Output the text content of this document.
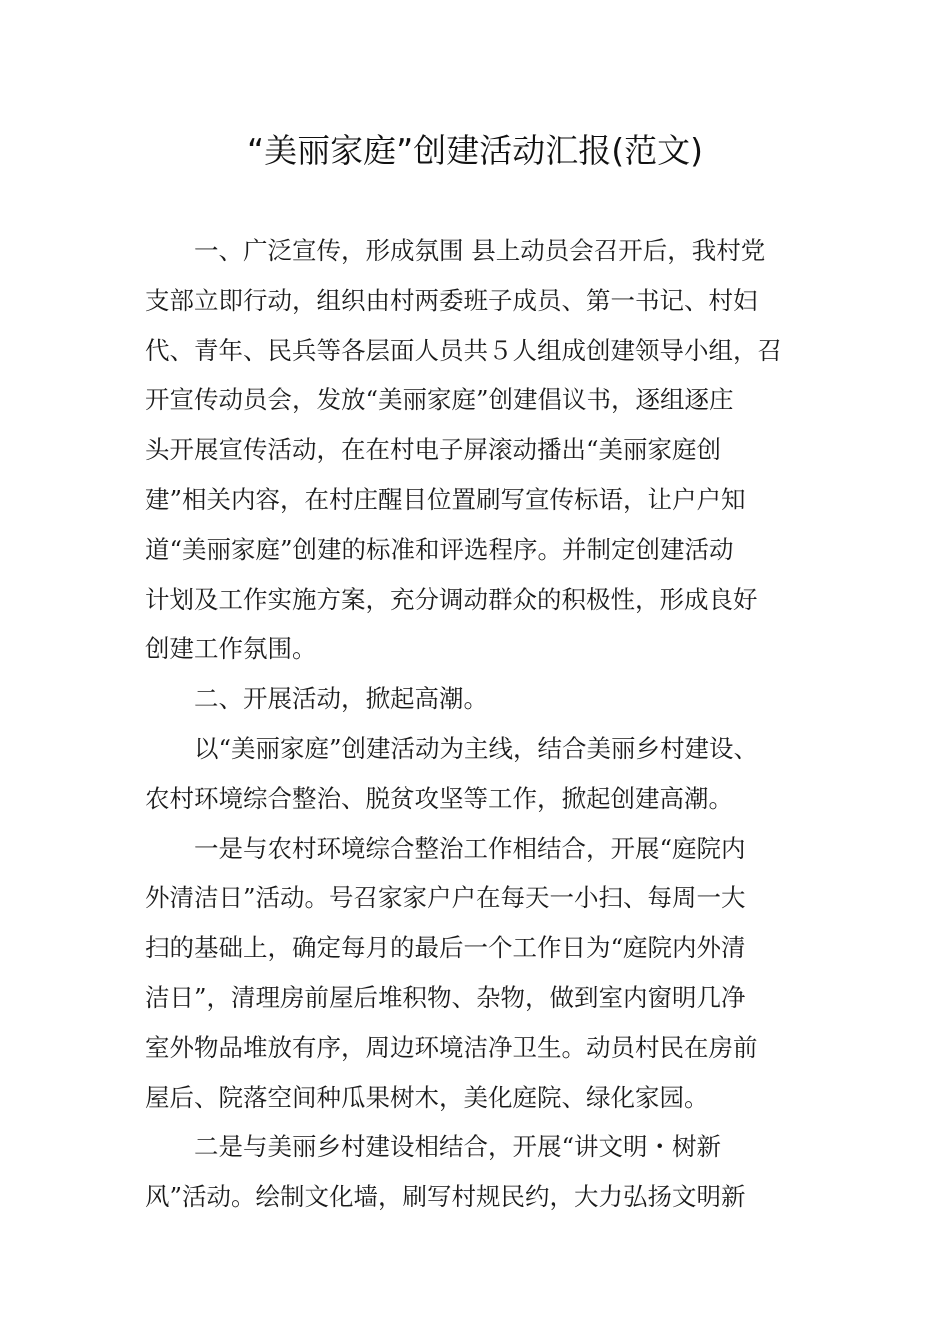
“美丽家庭”创建活动汇报(范文)
一、广泛宣传，形成氛围 县上动员会召开后，我村党
支部立即行动，组织由村两委班子成员、第一书记、村妇
代、青年、民兵等各层面人员共５人组成创建领导小组，召
开宣传动员会，发放“美丽家庭”创建倡议书，逐组逐庄
头开展宣传活动，在在村电子屏滚动播出“美丽家庭创
建”相关内容，在村庄醒目位置刷写宣传标语，让户户知
道“美丽家庭”创建的标准和评选程序。并制定创建活动
计划及工作实施方案，充分调动群众的积极性，形成良好
创建工作氛围。
二、开展活动，掀起高潮。
以“美丽家庭”创建活动为主线，结合美丽乡村建设、
农村环境综合整治、脱贫攻坚等工作，掀起创建高潮。
一是与农村环境综合整治工作相结合，开展“庭院内
外清洁日”活动。号召家家户户在每天一小扫、每周一大
扫的基础上，确定每月的最后一个工作日为“庭院内外清
洁日”，清理房前屋后堆积物、杂物，做到室内窗明几净
室外物品堆放有序，周边环境洁净卫生。动员村民在房前
屋后、院落空间种瓜果树木，美化庭院、绿化家园。
二是与美丽乡村建设相结合，开展“讲文明・树新
风”活动。绘制文化墙，刷写村规民约，大力弘扬文明新
